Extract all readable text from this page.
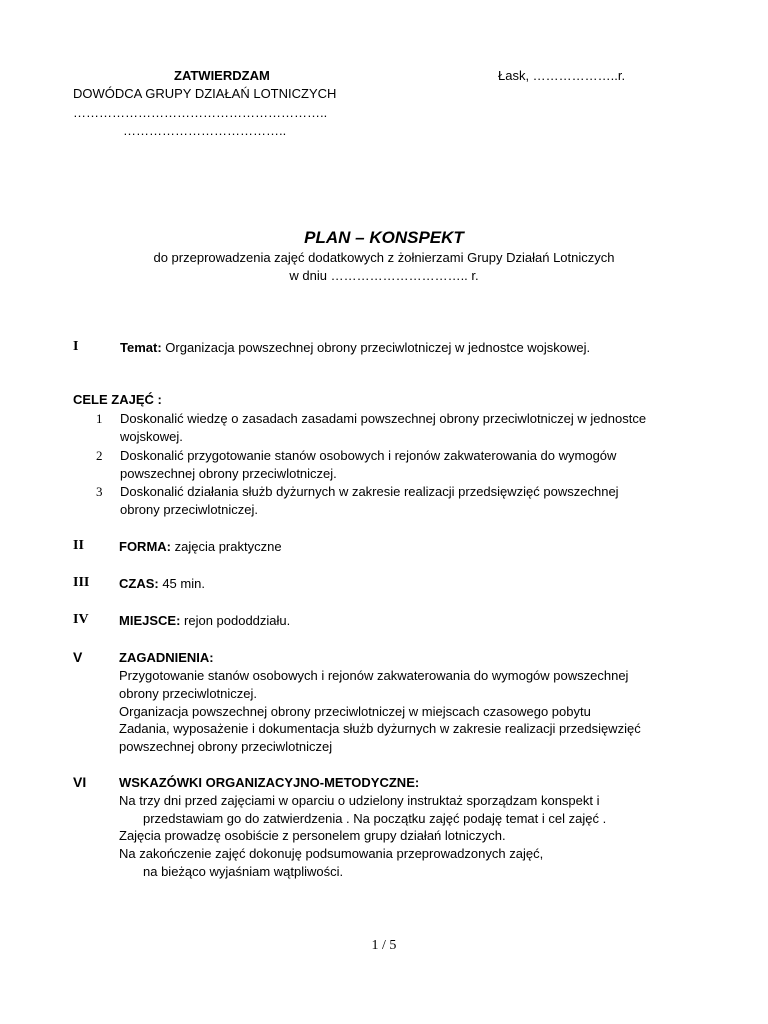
ZATWIERDZAM	Łask, ………………..r.
DOWÓDCA GRUPY DZIAŁAŃ LOTNICZYCH
…………………………………………………..
………………………………..
PLAN – KONSPEKT
do przeprowadzenia zajęć dodatkowych z żołnierzami Grupy Działań Lotniczych
w dniu ………………………….. r.
I	Temat: Organizacja powszechnej obrony przeciwlotniczej w jednostce wojskowej.
CELE ZAJĘĆ :
1 Doskonalić wiedzę o zasadach zasadami powszechnej obrony przeciwlotniczej w jednostce
wojskowej.
2 Doskonalić przygotowanie stanów osobowych i rejonów zakwaterowania do wymogów
powszechnej obrony przeciwlotniczej.
3 Doskonalić działania służb dyżurnych w zakresie realizacji przedsięwzięć powszechnej
obrony przeciwlotniczej.
II	FORMA: zajęcia praktyczne
III CZAS: 45 min.
IV MIEJSCE: rejon pododdziału.
V	ZAGADNIENIA:
Przygotowanie stanów osobowych i rejonów zakwaterowania do wymogów powszechnej
obrony przeciwlotniczej.
Organizacja powszechnej obrony przeciwlotniczej w miejscach czasowego pobytu
Zadania, wyposażenie i dokumentacja służb dyżurnych w zakresie realizacji przedsięwzięć
powszechnej obrony przeciwlotniczej
VI	WSKAZÓWKI ORGANIZACYJNO-METODYCZNE:
Na trzy dni przed zajęciami w oparciu o udzielony instruktaż sporządzam konspekt i
przedstawiam go do zatwierdzenia . Na początku zajęć podaję temat i cel zajęć .
Zajęcia prowadzę osobiście z personelem grupy działań lotniczych.
Na zakończenie zajęć dokonuję podsumowania przeprowadzonych zajęć,
na bieżąco wyjaśniam wątpliwości.
1 / 5
